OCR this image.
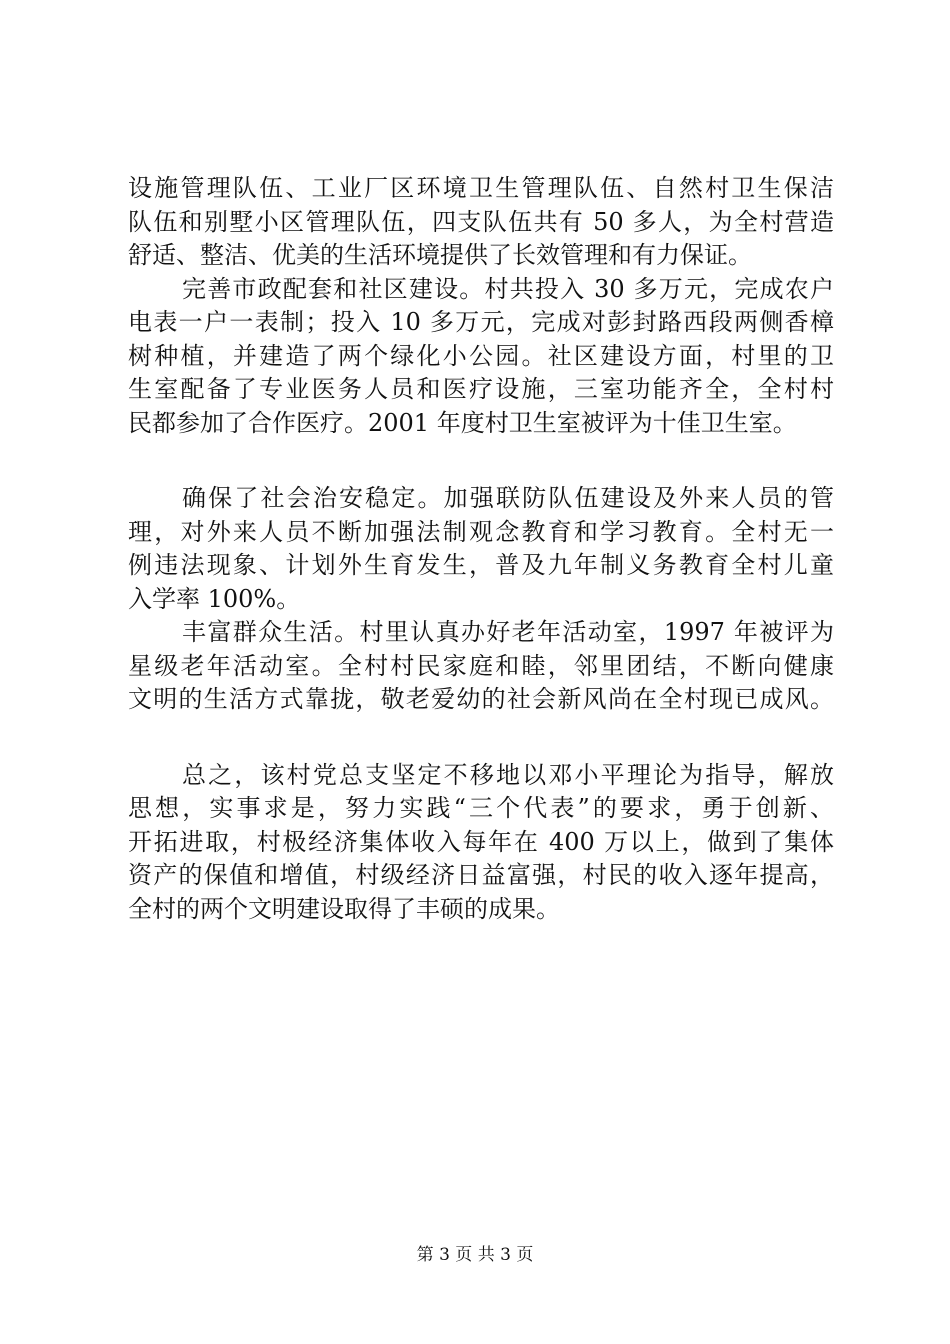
设施管理队伍、工业厂区环境卫生管理队伍、自然村卫生保洁
队伍和别墅小区管理队伍，四支队伍共有 50 多人，为全村营造
舒适、整洁、优美的生活环境提供了长效管理和有力保证。
完善市政配套和社区建设。村共投入 30 多万元，完成农户
电表一户一表制；投入 10 多万元，完成对彭封路西段两侧香樟
树种植，并建造了两个绿化小公园。社区建设方面，村里的卫
生室配备了专业医务人员和医疗设施，三室功能齐全，全村村
民都参加了合作医疗。2001 年度村卫生室被评为十佳卫生室。
确保了社会治安稳定。加强联防队伍建设及外来人员的管
理，对外来人员不断加强法制观念教育和学习教育。全村无一
例违法现象、计划外生育发生，普及九年制义务教育全村儿童
入学率 100%。
丰富群众生活。村里认真办好老年活动室，1997 年被评为
星级老年活动室。全村村民家庭和睦，邻里团结，不断向健康
文明的生活方式靠拢，敬老爱幼的社会新风尚在全村现已成风。
总之，该村党总支坚定不移地以邓小平理论为指导，解放
思想，实事求是，努力实践“三个代表”的要求，勇于创新、
开拓进取，村极经济集体收入每年在 400 万以上，做到了集体
资产的保值和增值，村级经济日益富强，村民的收入逐年提高，
全村的两个文明建设取得了丰硕的成果。
第 3 页 共 3 页
